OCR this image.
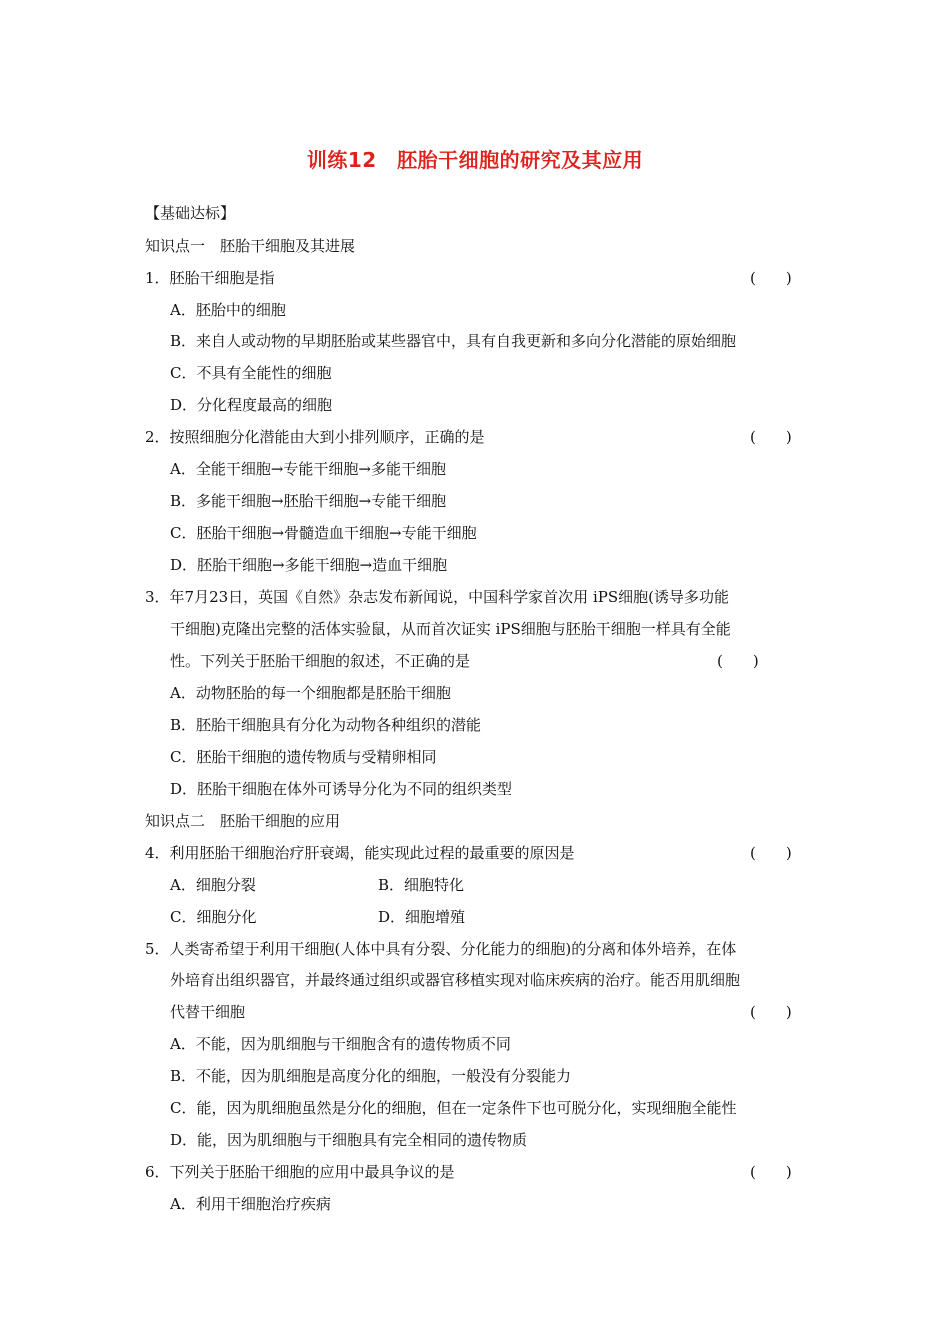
训练12　胚胎干细胞的研究及其应用
【基础达标】
知识点一　胚胎干细胞及其进展
1．胚胎干细胞是指	(　　)
A．胚胎中的细胞
B．来自人或动物的早期胚胎或某些器官中，具有自我更新和多向分化潜能的原始细胞
C．不具有全能性的细胞
D．分化程度最高的细胞
2．按照细胞分化潜能由大到小排列顺序，正确的是	(　　)
A．全能干细胞→专能干细胞→多能干细胞
B．多能干细胞→胚胎干细胞→专能干细胞
C．胚胎干细胞→骨髓造血干细胞→专能干细胞
D．胚胎干细胞→多能干细胞→造血干细胞
3．年7月23日，英国《自然》杂志发布新闻说，中国科学家首次用 iPS细胞(诱导多功能
干细胞)克隆出完整的活体实验鼠，从而首次证实 iPS细胞与胚胎干细胞一样具有全能
性。下列关于胚胎干细胞的叙述，不正确的是	(　　)
A．动物胚胎的每一个细胞都是胚胎干细胞
B．胚胎干细胞具有分化为动物各种组织的潜能
C．胚胎干细胞的遗传物质与受精卵相同
D．胚胎干细胞在体外可诱导分化为不同的组织类型
知识点二　胚胎干细胞的应用
4．利用胚胎干细胞治疗肝衰竭，能实现此过程的最重要的原因是	(　　)
A．细胞分裂	B．细胞特化
C．细胞分化	D．细胞增殖
5．人类寄希望于利用干细胞(人体中具有分裂、分化能力的细胞)的分离和体外培养，在体
外培育出组织器官，并最终通过组织或器官移植实现对临床疾病的治疗。能否用肌细胞
代替干细胞	(　　)
A．不能，因为肌细胞与干细胞含有的遗传物质不同
B．不能，因为肌细胞是高度分化的细胞，一般没有分裂能力
C．能，因为肌细胞虽然是分化的细胞，但在一定条件下也可脱分化，实现细胞全能性
D．能，因为肌细胞与干细胞具有完全相同的遗传物质
6．下列关于胚胎干细胞的应用中最具争议的是	(　　)
A．利用干细胞治疗疾病
